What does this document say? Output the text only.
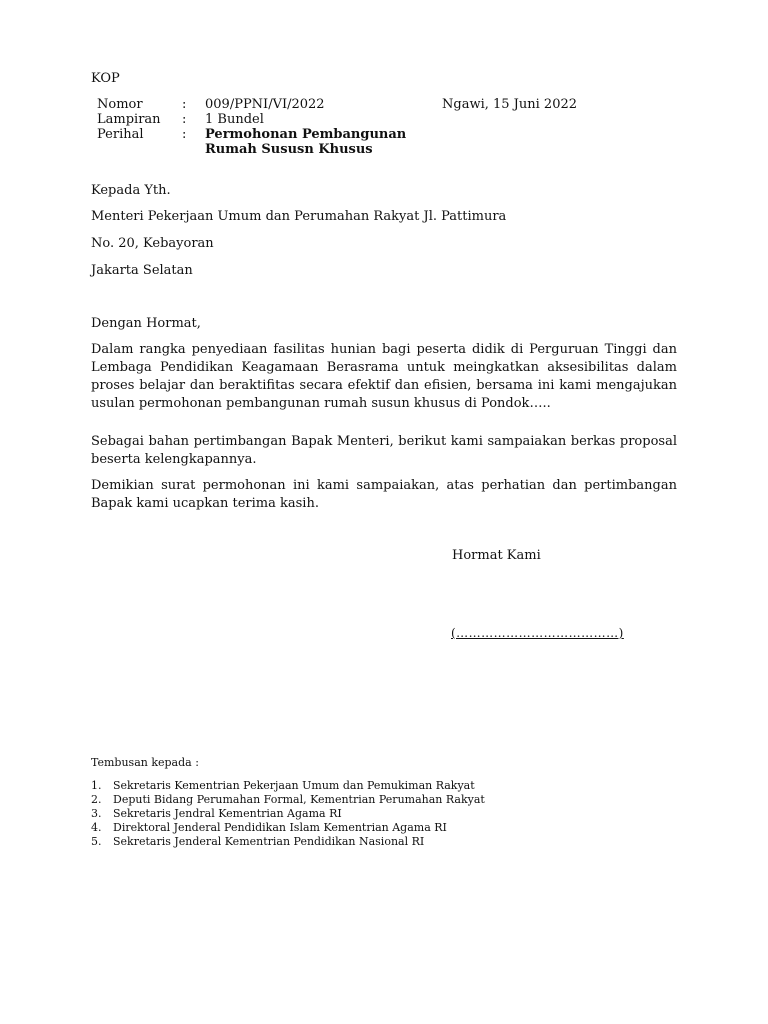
KOP
Nomor	: 009/PPNI/VI/2022
Lampiran : 1 Bundel
Perihal	: Permohonan Pembangunan
Rumah Sususn Khusus
Ngawi, 15 Juni 2022
Kepada Yth.
Menteri Pekerjaan Umum dan Perumahan Rakyat Jl. Pattimura
No. 20, Kebayoran
Jakarta Selatan
Dengan Hormat,
Dalam rangka penyediaan fasilitas hunian bagi peserta didik di Perguruan Tinggi dan Lembaga Pendidikan Keagamaan Berasrama untuk meingkatkan aksesibilitas dalam proses belajar dan beraktifitas secara efektif dan efisien, bersama ini kami mengajukan usulan permohonan pembangunan rumah susun khusus di Pondok…..
Sebagai bahan pertimbangan Bapak Menteri, berikut kami sampaiakan berkas proposal beserta kelengkapannya.
Demikian surat permohonan ini kami sampaiakan, atas perhatian dan pertimbangan Bapak kami ucapkan terima kasih.
Hormat Kami
(…………………………………)
Tembusan kepada :
1. Sekretaris Kementrian Pekerjaan Umum dan Pemukiman Rakyat
2. Deputi Bidang Perumahan Formal, Kementrian Perumahan Rakyat
3. Sekretaris Jendral Kementrian Agama RI
4. Direktoral Jenderal Pendidikan Islam Kementrian Agama RI
5. Sekretaris Jenderal Kementrian Pendidikan Nasional RI
